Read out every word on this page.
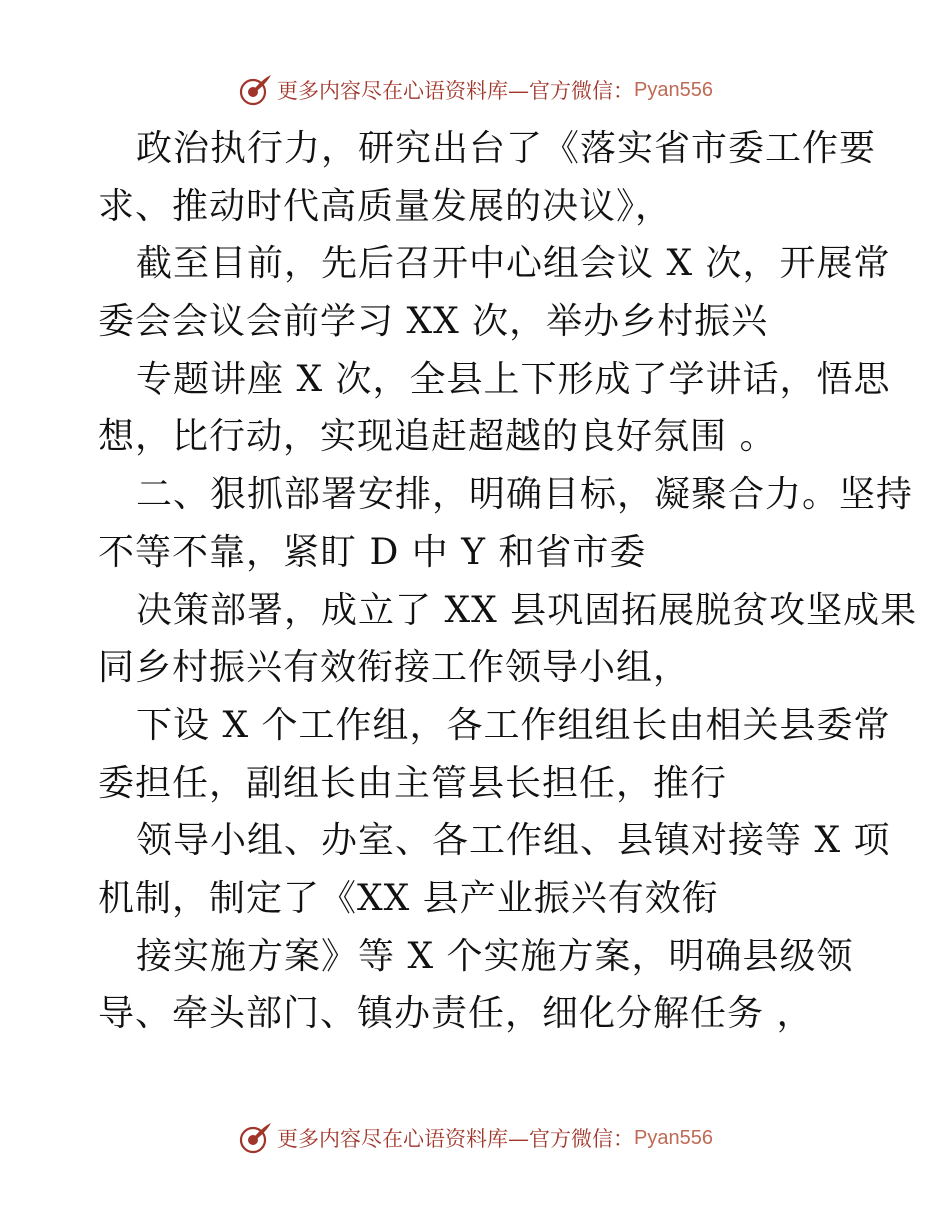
更多内容尽在心语资料库—官方微信： Pyan556
政治执行力，研究出台了《落实省市委工作要
求、推动时代高质量发展的决议》，
截至目前，先后召开中心组会议 X 次，开展常
委会会议会前学习 XX 次，举办乡村振兴
专题讲座 X 次，全县上下形成了学讲话，悟思
想，比行动，实现追赶超越的良好氛围 。
二、狠抓部署安排，明确目标，凝聚合力。坚持
不等不靠，紧盯 D 中 Y 和省市委
决策部署，成立了 XX 县巩固拓展脱贫攻坚成果
同乡村振兴有效衔接工作领导小组，
下设 X 个工作组，各工作组组长由相关县委常
委担任，副组长由主管县长担任，推行
领导小组、办室、各工作组、县镇对接等 X 项
机制，制定了《XX 县产业振兴有效衔
接实施方案》等 X 个实施方案，明确县级领
导、牵头部门、镇办责任，细化分解任务 ，
更多内容尽在心语资料库—官方微信： Pyan556
